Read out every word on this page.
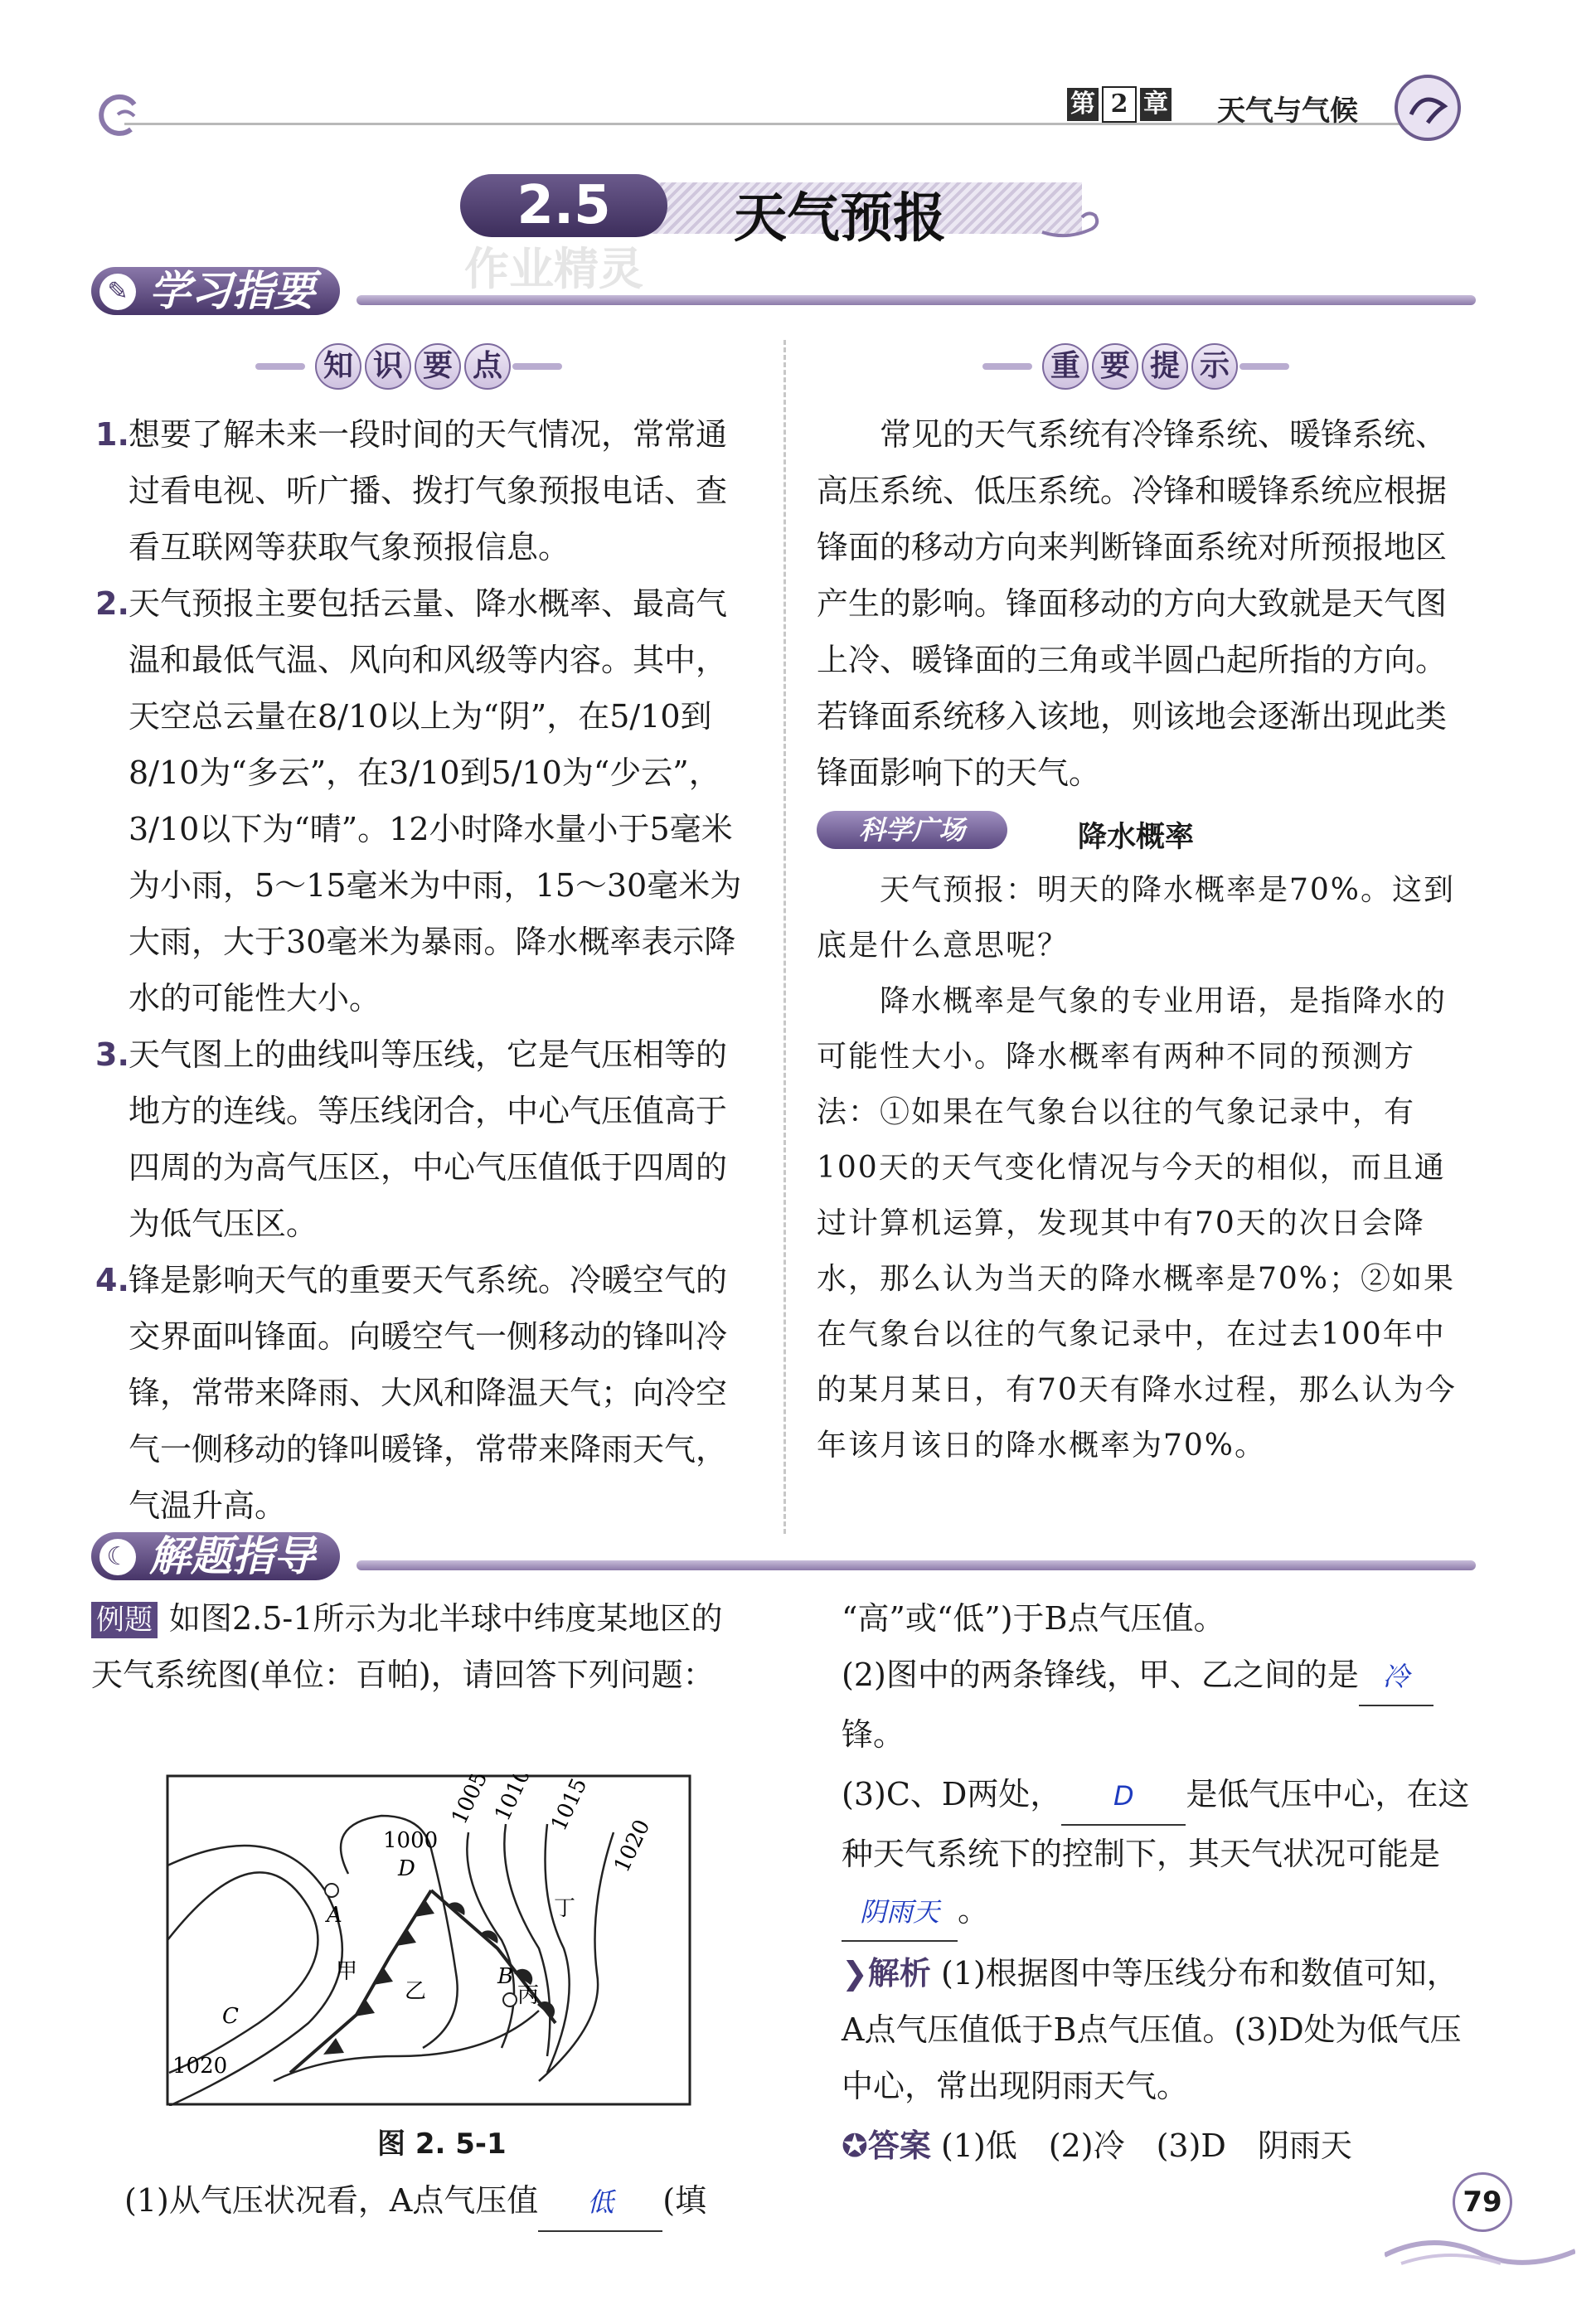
第 2 章 天气与气候
2.5	天气预报
作业精灵
✎ 学习指要
知 识 要 点

1.想要了解未来一段时间的天气情况，常常通过看电视、听广播、拨打气象预报电话、查看互联网等获取气象预报信息。

2.天气预报主要包括云量、降水概率、最高气温和最低气温、风向和风级等内容。其中，天空总云量在8/10以上为“阴”，在5/10到8/10为“多云”，在3/10到5/10为“少云”，3/10以下为“晴”。12小时降水量小于5毫米为小雨，5～15毫米为中雨，15～30毫米为大雨，大于30毫米为暴雨。降水概率表示降水的可能性大小。

3.天气图上的曲线叫等压线，它是气压相等的地方的连线。等压线闭合，中心气压值高于四周的为高气压区，中心气压值低于四周的为低气压区。

4.锋是影响天气的重要天气系统。冷暖空气的交界面叫锋面。向暖空气一侧移动的锋叫冷锋，常带来降雨、大风和降温天气；向冷空气一侧移动的锋叫暖锋，常带来降雨天气，气温升高。

重 要 提 示

常见的天气系统有冷锋系统、暖锋系统、高压系统、低压系统。冷锋和暖锋系统应根据锋面的移动方向来判断锋面系统对所预报地区产生的影响。锋面移动的方向大致就是天气图上冷、暖锋面的三角或半圆凸起所指的方向。若锋面系统移入该地，则该地会逐渐出现此类锋面影响下的天气。

科学广场	降水概率

天气预报：明天的降水概率是70%。这到底是什么意思呢？

降水概率是气象的专业用语，是指降水的可能性大小。降水概率有两种不同的预测方法：①如果在气象台以往的气象记录中，有100天的天气变化情况与今天的相似，而且通过计算机运算，发现其中有70天的次日会降水，那么认为当天的降水概率是70%；②如果在气象台以往的气象记录中，在过去100年中的某月某日，有70天有降水过程，那么认为今年该月该日的降水概率为70%。

☾ 解题指导
例题 如图2.5-1所示为北半球中纬度某地区的天气系统图(单位：百帕)，请回答下列问题：
1000
1005
1010 1015
1020
1020
A
B
C
D
甲
乙	丙
丁
图 2. 5-1
(1)从气压状况看，A点气压值 低 (填
“高”或“低”)于B点气压值。
(2)图中的两条锋线，甲、乙之间的是 冷
锋。
(3)C、D两处， D 是低气压中心，在这种天气系统下的控制下，其天气状况可能是阴雨天 。
❯解析 (1)根据图中等压线分布和数值可知，A点气压值低于B点气压值。(3)D处为低气压中心，常出现阴雨天气。
✪答案 (1)低　(2)冷　(3)D　阴雨天
79
